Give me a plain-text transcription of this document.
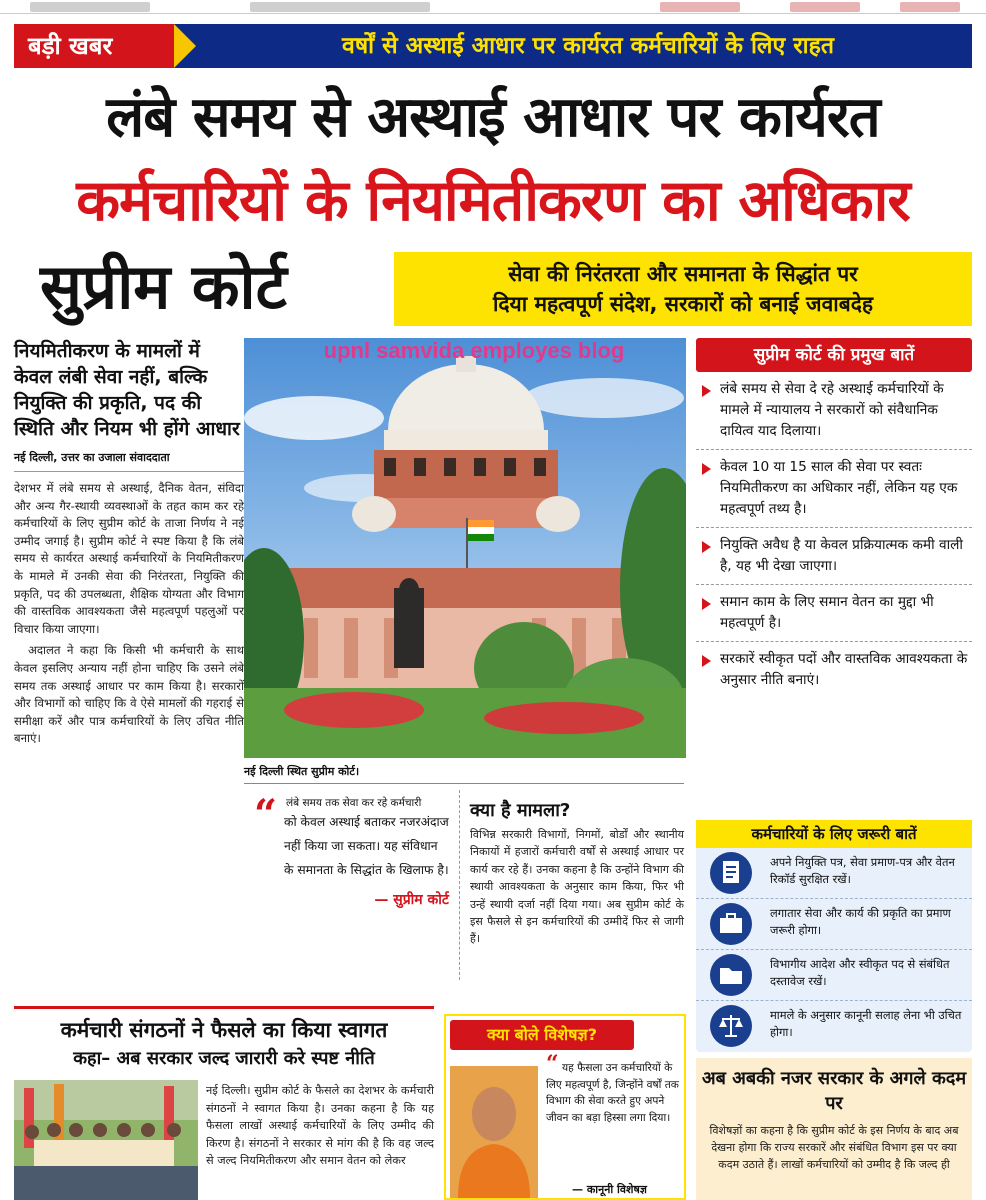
बड़ी खबर	वर्षों से अस्थाई आधार पर कार्यरत कर्मचारियों के लिए राहत
लंबे समय से अस्थाई आधार पर कार्यरत
कर्मचारियों के नियमितीकरण का अधिकार
सुप्रीम कोर्ट	सेवा की निरंतरता और समानता के सिद्धांत पर
दिया महत्वपूर्ण संदेश, सरकारों को बनाई जवाबदेह
नियमितीकरण के मामलों में केवल लंबी सेवा नहीं, बल्कि नियुक्ति की प्रकृति, पद की स्थिति और नियम भी होंगे आधार
नई दिल्ली, उत्तर का उजाला संवाददाता

देशभर में लंबे समय से अस्थाई, दैनिक वेतन, संविदा और अन्य गैर-स्थायी व्यवस्थाओं के तहत काम कर रहे कर्मचारियों के लिए सुप्रीम कोर्ट के ताजा निर्णय ने नई उम्मीद जगाई है। सुप्रीम कोर्ट ने स्पष्ट किया है कि लंबे समय से कार्यरत अस्थाई कर्मचारियों के नियमितीकरण के मामले में उनकी सेवा की निरंतरता, नियुक्ति की प्रकृति, पद की उपलब्धता, शैक्षिक योग्यता और विभाग की वास्तविक आवश्यकता जैसे महत्वपूर्ण पहलुओं पर विचार किया जाएगा।

अदालत ने कहा कि किसी भी कर्मचारी के साथ केवल इसलिए अन्याय नहीं होना चाहिए कि उसने लंबे समय तक अस्थाई आधार पर काम किया है। सरकारों और विभागों को चाहिए कि वे ऐसे मामलों की गहराई से समीक्षा करें और पात्र कर्मचारियों के लिए उचित नीति बनाएं।

upnl samvida employes blog
नई दिल्ली स्थित सुप्रीम कोर्ट।
“ लंबे समय तक सेवा कर रहे कर्मचारी
को केवल अस्थाई बताकर नजरअंदाज नहीं किया जा सकता। यह संविधान के समानता के सिद्धांत के खिलाफ है।
— सुप्रीम कोर्ट
क्या है मामला?

विभिन्न सरकारी विभागों, निगमों, बोर्डों और स्थानीय निकायों में हजारों कर्मचारी वर्षों से अस्थाई आधार पर कार्य कर रहे हैं। उनका कहना है कि उन्होंने विभाग की स्थायी आवश्यकता के अनुसार काम किया, फिर भी उन्हें स्थायी दर्जा नहीं दिया गया। अब सुप्रीम कोर्ट के इस फैसले से इन कर्मचारियों की उम्मीदें फिर से जागी हैं।

सुप्रीम कोर्ट की प्रमुख बातें
लंबे समय से सेवा दे रहे अस्थाई कर्मचारियों के मामले में न्यायालय ने सरकारों को संवैधानिक दायित्व याद दिलाया।
केवल 10 या 15 साल की सेवा पर स्वतः नियमितीकरण का अधिकार नहीं, लेकिन यह एक महत्वपूर्ण तथ्य है।
नियुक्ति अवैध है या केवल प्रक्रियात्मक कमी वाली है, यह भी देखा जाएगा।
समान काम के लिए समान वेतन का मुद्दा भी महत्वपूर्ण है।
सरकारें स्वीकृत पदों और वास्तविक आवश्यकता के अनुसार नीति बनाएं।
कर्मचारियों के लिए जरूरी बातें
अपने नियुक्ति पत्र, सेवा प्रमाण-पत्र और वेतन रिकॉर्ड सुरक्षित रखें।
लगातार सेवा और कार्य की प्रकृति का प्रमाण जरूरी होगा।
विभागीय आदेश और स्वीकृत पद से संबंधित दस्तावेज रखें।
मामले के अनुसार कानूनी सलाह लेना भी उचित होगा।
कर्मचारी संगठनों ने फैसले का किया स्वागत
कहा– अब सरकार जल्द जारारी करे स्पष्ट नीति
नई दिल्ली। सुप्रीम कोर्ट के फैसले का देशभर के कर्मचारी संगठनों ने स्वागत किया है। उनका कहना है कि यह फैसला लाखों अस्थाई कर्मचारियों के लिए उम्मीद की किरण है। संगठनों ने सरकार से मांग की है कि वह जल्द से जल्द नियमितीकरण और समान वेतन को लेकर
क्या बोले विशेषज्ञ?
“ यह फैसला उन कर्मचारियों के लिए महत्वपूर्ण है, जिन्होंने वर्षों तक विभाग की सेवा करते हुए अपने जीवन का बड़ा हिस्सा लगा दिया।
— कानूनी विशेषज्ञ
अब अबकी नजर सरकार के अगले कदम पर
विशेषज्ञों का कहना है कि सुप्रीम कोर्ट के इस निर्णय के बाद अब देखना होगा कि राज्य सरकारें और संबंधित विभाग इस पर क्या कदम उठाते हैं। लाखों कर्मचारियों को उम्मीद है कि जल्द ही
